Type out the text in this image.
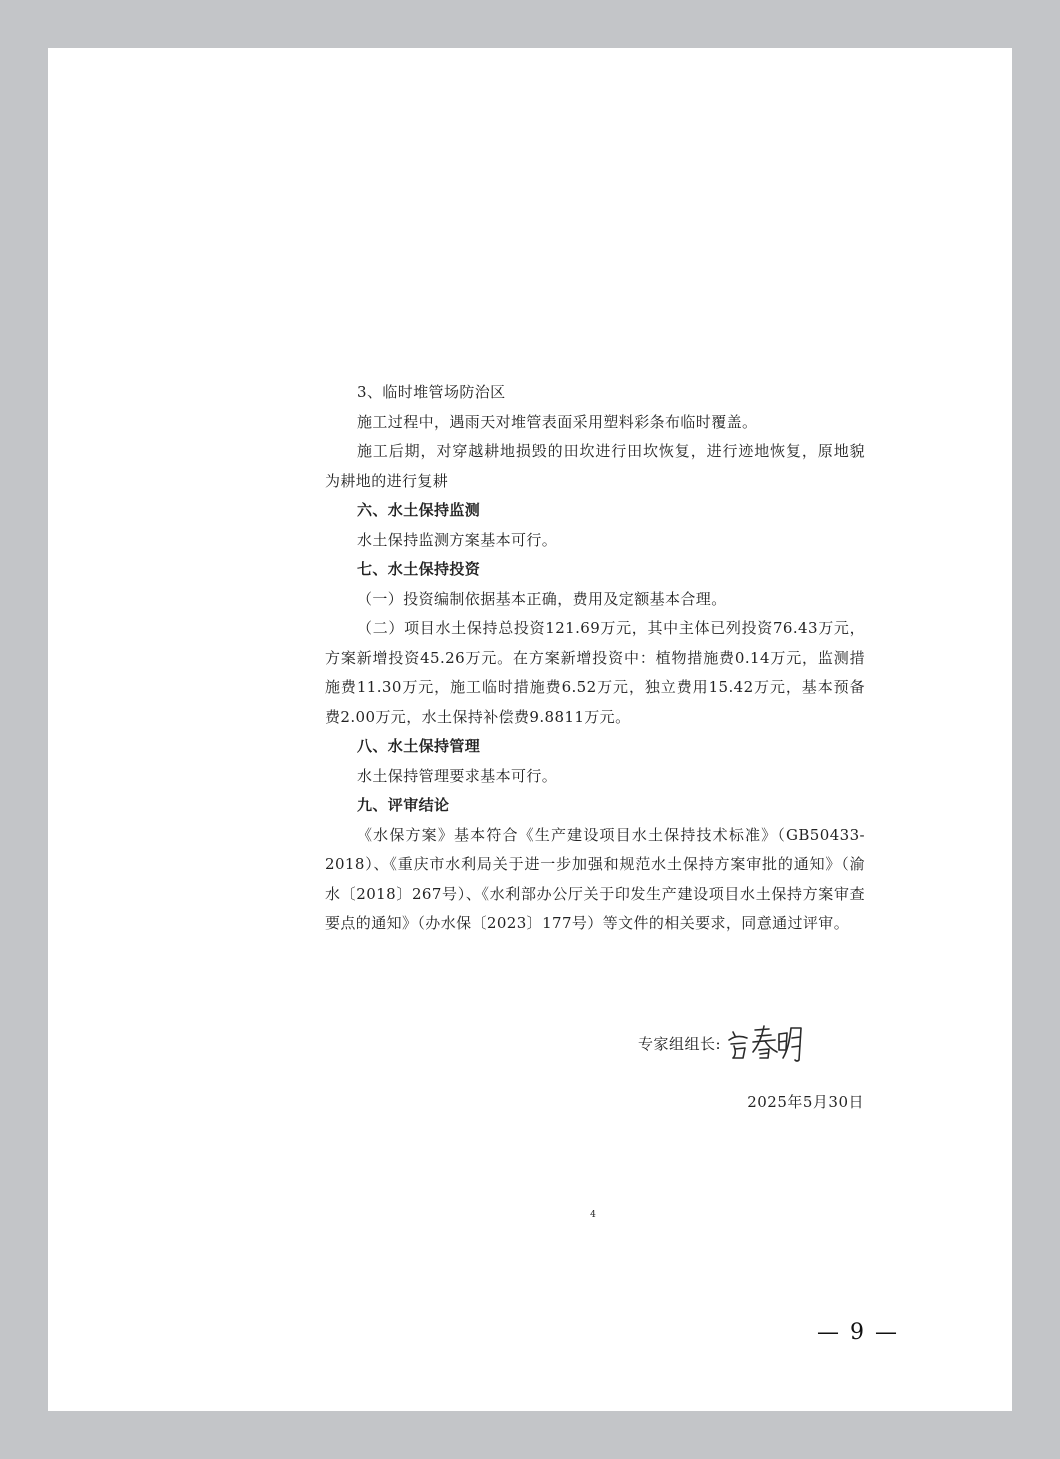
3、临时堆管场防治区

施工过程中，遇雨天对堆管表面采用塑料彩条布临时覆盖。

施工后期，对穿越耕地损毁的田坎进行田坎恢复，进行迹地恢复，原地貌为耕地的进行复耕

六、水土保持监测

水土保持监测方案基本可行。

七、水土保持投资

（一）投资编制依据基本正确，费用及定额基本合理。

（二）项目水土保持总投资121.69万元，其中主体已列投资76.43万元，方案新增投资45.26万元。在方案新增投资中：植物措施费0.14万元，监测措施费11.30万元，施工临时措施费6.52万元，独立费用15.42万元，基本预备费2.00万元，水土保持补偿费9.8811万元。

八、水土保持管理

水土保持管理要求基本可行。

九、评审结论

《水保方案》基本符合《生产建设项目水土保持技术标准》（GB50433-2018）、《重庆市水利局关于进一步加强和规范水土保持方案审批的通知》（渝水〔2018〕267号）、《水利部办公厅关于印发生产建设项目水土保持方案审查要点的通知》（办水保〔2023〕177号）等文件的相关要求，同意通过评审。

专家组组长:
2025年5月30日
4
— 9 —
